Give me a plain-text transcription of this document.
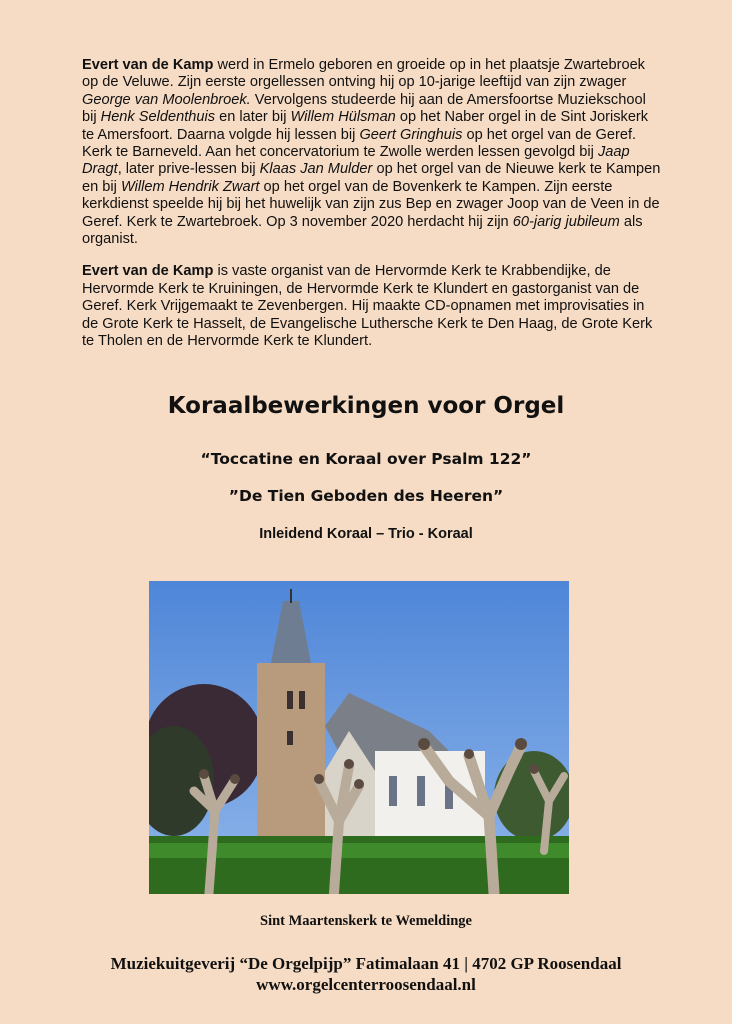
Evert van de Kamp werd in Ermelo geboren en groeide op in het plaatsje Zwartebroek op de Veluwe. Zijn eerste orgellessen ontving hij op 10-jarige leeftijd van zijn zwager George van Moolenbroek. Vervolgens studeerde hij aan de Amersfoortse Muziekschool bij Henk Seldenthuis en later bij Willem Hülsman op het Naber orgel in de Sint Joriskerk te Amersfoort. Daarna volgde hij lessen bij Geert Gringhuis op het orgel van de Geref. Kerk te Barneveld. Aan het concervatorium te Zwolle werden lessen gevolgd bij Jaap Dragt, later prive-lessen bij Klaas Jan Mulder op het orgel van de Nieuwe kerk te Kampen en bij Willem Hendrik Zwart op het orgel van de Bovenkerk te Kampen. Zijn eerste kerkdienst speelde hij bij het huwelijk van zijn zus Bep en zwager Joop van de Veen in de Geref. Kerk te Zwartebroek. Op 3 november 2020 herdacht hij zijn 60-jarig jubileum als organist.

Evert van de Kamp is vaste organist van de Hervormde Kerk te Krabbendijke, de Hervormde Kerk te Kruiningen, de Hervormde Kerk te Klundert en gastorganist van de Geref. Kerk Vrijgemaakt te Zevenbergen. Hij maakte CD-opnamen met improvisaties in de Grote Kerk te Hasselt, de Evangelische Luthersche Kerk te Den Haag, de Grote Kerk te Tholen en de Hervormde Kerk te Klundert.

Koraalbewerkingen voor Orgel
“Toccatine en Koraal over Psalm 122”
”De Tien Geboden des Heeren”
Inleidend Koraal – Trio - Koraal
Sint Maartenskerk te Wemeldinge
Muziekuitgeverij “De Orgelpijp” Fatimalaan 41 | 4702 GP Roosendaal
www.orgelcenterroosendaal.nl
